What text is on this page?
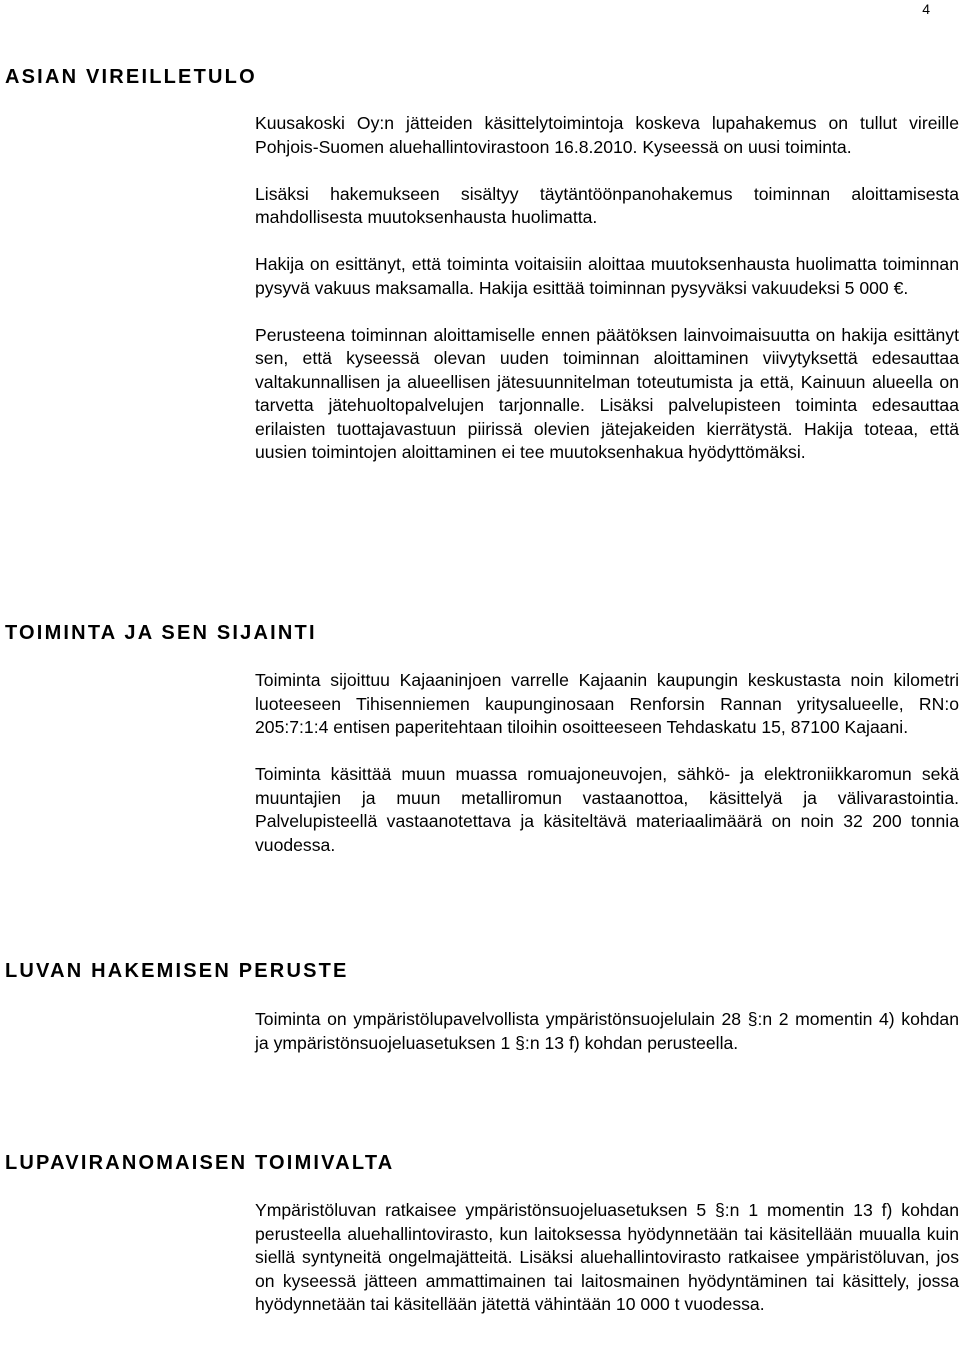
4
ASIAN VIREILLETULO

Kuusakoski Oy:n jätteiden käsittelytoimintoja koskeva lupahakemus on tullut vireille Pohjois-Suomen aluehallintovirastoon 16.8.2010. Kyseessä on uusi toiminta.

Lisäksi hakemukseen sisältyy täytäntöönpanohakemus toiminnan aloittamisesta mahdollisesta muutoksenhausta huolimatta.

Hakija on esittänyt, että toiminta voitaisiin aloittaa muutoksenhausta huolimatta toiminnan pysyvä vakuus maksamalla. Hakija esittää toiminnan pysyväksi vakuudeksi 5 000 €.

Perusteena toiminnan aloittamiselle ennen päätöksen lainvoimaisuutta on hakija esittänyt sen, että kyseessä olevan uuden toiminnan aloittaminen viivytyksettä edesauttaa valtakunnallisen ja alueellisen jätesuunnitelman toteutumista ja että, Kainuun alueella on tarvetta jätehuoltopalvelujen tarjonnalle. Lisäksi palvelupisteen toiminta edesauttaa erilaisten tuottajavastuun piirissä olevien jätejakeiden kierrätystä. Hakija toteaa, että uusien toimintojen aloittaminen ei tee muutoksenhakua hyödyttömäksi.

TOIMINTA JA SEN SIJAINTI

Toiminta sijoittuu Kajaaninjoen varrelle Kajaanin kaupungin keskustasta noin kilometri luoteeseen Tihisenniemen kaupunginosaan Renforsin Rannan yritysalueelle, RN:o 205:7:1:4 entisen paperitehtaan tiloihin osoitteeseen Tehdaskatu 15, 87100 Kajaani.

Toiminta käsittää muun muassa romuajoneuvojen, sähkö- ja elektroniikkaromun sekä muuntajien ja muun metalliromun vastaanottoa, käsittelyä ja välivarastointia. Palvelupisteellä vastaanotettava ja käsiteltävä materiaalimäärä on noin 32 200 tonnia vuodessa.

LUVAN HAKEMISEN PERUSTE

Toiminta on ympäristölupavelvollista ympäristönsuojelulain 28 §:n 2 momentin 4) kohdan ja ympäristönsuojeluasetuksen 1 §:n 13 f) kohdan perusteella.

LUPAVIRANOMAISEN TOIMIVALTA

Ympäristöluvan ratkaisee ympäristönsuojeluasetuksen 5 §:n 1 momentin 13 f) kohdan perusteella aluehallintovirasto, kun laitoksessa hyödynnetään tai käsitellään muualla kuin siellä syntyneitä ongelmajätteitä. Lisäksi aluehallintovirasto ratkaisee ympäristöluvan, jos on kyseessä jätteen ammattimainen tai laitosmainen hyödyntäminen tai käsittely, jossa hyödynnetään tai käsitellään jätettä vähintään 10 000 t vuodessa.
